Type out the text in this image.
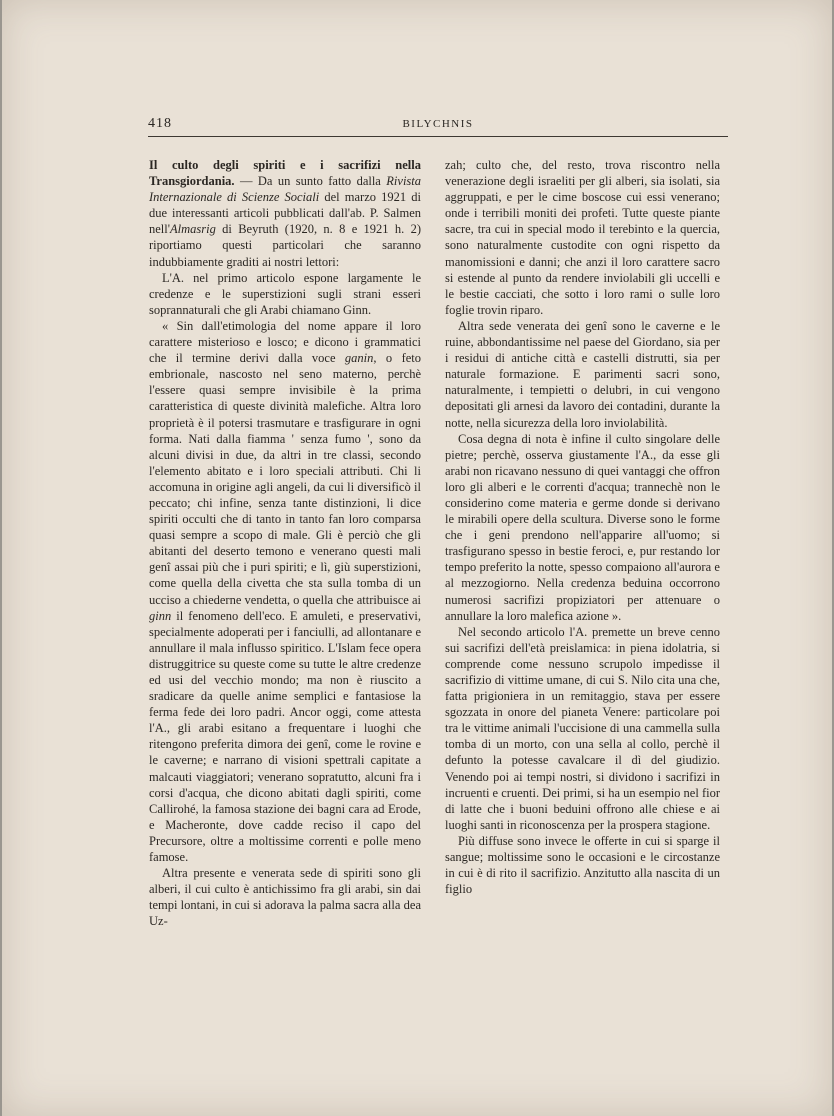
418	BILYCHNIS

Il culto degli spiriti e i sacrifizi nella Transgiordania. — Da un sunto fatto dalla Rivista Internazionale di Scienze Sociali del marzo 1921 di due interessanti articoli pubblicati dall'ab. P. Salmen nell'Almasrig di Beyruth (1920, n. 8 e 1921 h. 2) riportiamo questi particolari che saranno indubbiamente graditi ai nostri lettori:

L'A. nel primo articolo espone largamente le credenze e le superstizioni sugli strani esseri soprannaturali che gli Arabi chiamano Ginn.

« Sin dall'etimologia del nome appare il loro carattere misterioso e losco; e dicono i grammatici che il termine derivi dalla voce ganin, o feto embrionale, nascosto nel seno materno, perchè l'essere quasi sempre invisibile è la prima caratteristica di queste divinità malefiche. Altra loro proprietà è il potersi trasmutare e trasfigurare in ogni forma. Nati dalla fiamma ' senza fumo ', sono da alcuni divisi in due, da altri in tre classi, secondo l'elemento abitato e i loro speciali attributi. Chi li accomuna in origine agli angeli, da cui li diversificò il peccato; chi infine, senza tante distinzioni, li dice spiriti occulti che di tanto in tanto fan loro comparsa quasi sempre a scopo di male. Gli è perciò che gli abitanti del deserto temono e venerano questi mali genî assai più che i puri spiriti; e lì, giù superstizioni, come quella della civetta che sta sulla tomba di un ucciso a chiederne vendetta, o quella che attribuisce ai ginn il fenomeno dell'eco. E amuleti, e preservativi, specialmente adoperati per i fanciulli, ad allontanare e annullare il mala influsso spiritico. L'Islam fece opera distruggitrice su queste come su tutte le altre credenze ed usi del vecchio mondo; ma non è riuscito a sradicare da quelle anime semplici e fantasiose la ferma fede dei loro padri. Ancor oggi, come attesta l'A., gli arabi esitano a frequentare i luoghi che ritengono preferita dimora dei genî, come le rovine e le caverne; e narrano di visioni spettrali capitate a malcauti viaggiatori; venerano sopratutto, alcuni fra i corsi d'acqua, che dicono abitati dagli spiriti, come Callirohé, la famosa stazione dei bagni cara ad Erode, e Macheronte, dove cadde reciso il capo del Precursore, oltre a moltissime correnti e polle meno famose.

Altra presente e venerata sede di spiriti sono gli alberi, il cui culto è antichissimo fra gli arabi, sin dai tempi lontani, in cui si adorava la palma sacra alla dea Uz-

zah; culto che, del resto, trova riscontro nella venerazione degli israeliti per gli alberi, sia isolati, sia aggruppati, e per le cime boscose cui essi venerano; onde i terribili moniti dei profeti. Tutte queste piante sacre, tra cui in special modo il terebinto e la quercia, sono naturalmente custodite con ogni rispetto da manomissioni e danni; che anzi il loro carattere sacro si estende al punto da rendere inviolabili gli uccelli e le bestie cacciati, che sotto i loro rami o sulle loro foglie trovin riparo.

Altra sede venerata dei genî sono le caverne e le ruine, abbondantissime nel paese del Giordano, sia per i residui di antiche città e castelli distrutti, sia per naturale formazione. E parimenti sacri sono, naturalmente, i tempietti o delubri, in cui vengono depositati gli arnesi da lavoro dei contadini, durante la notte, nella sicurezza della loro inviolabilità.

Cosa degna di nota è infine il culto singolare delle pietre; perchè, osserva giustamente l'A., da esse gli arabi non ricavano nessuno di quei vantaggi che offron loro gli alberi e le correnti d'acqua; trannechè non le considerino come materia e germe donde si derivano le mirabili opere della scultura. Diverse sono le forme che i geni prendono nell'apparire all'uomo; si trasfigurano spesso in bestie feroci, e, pur restando lor tempo preferito la notte, spesso compaiono all'aurora e al mezzogiorno. Nella credenza beduina occorrono numerosi sacrifizi propiziatori per attenuare o annullare la loro malefica azione ».

Nel secondo articolo l'A. premette un breve cenno sui sacrifizi dell'età preislamica: in piena idolatria, si comprende come nessuno scrupolo impedisse il sacrifizio di vittime umane, di cui S. Nilo cita una che, fatta prigioniera in un remitaggio, stava per essere sgozzata in onore del pianeta Venere: particolare poi tra le vittime animali l'uccisione di una cammella sulla tomba di un morto, con una sella al collo, perchè il defunto la potesse cavalcare il dì del giudizio. Venendo poi ai tempi nostri, si dividono i sacrifizi in incruenti e cruenti. Dei primi, si ha un esempio nel fior di latte che i buoni beduini offrono alle chiese e ai luoghi santi in riconoscenza per la prospera stagione.

Più diffuse sono invece le offerte in cui si sparge il sangue; moltissime sono le occasioni e le circostanze in cui è di rito il sacrifizio. Anzitutto alla nascita di un figlio
